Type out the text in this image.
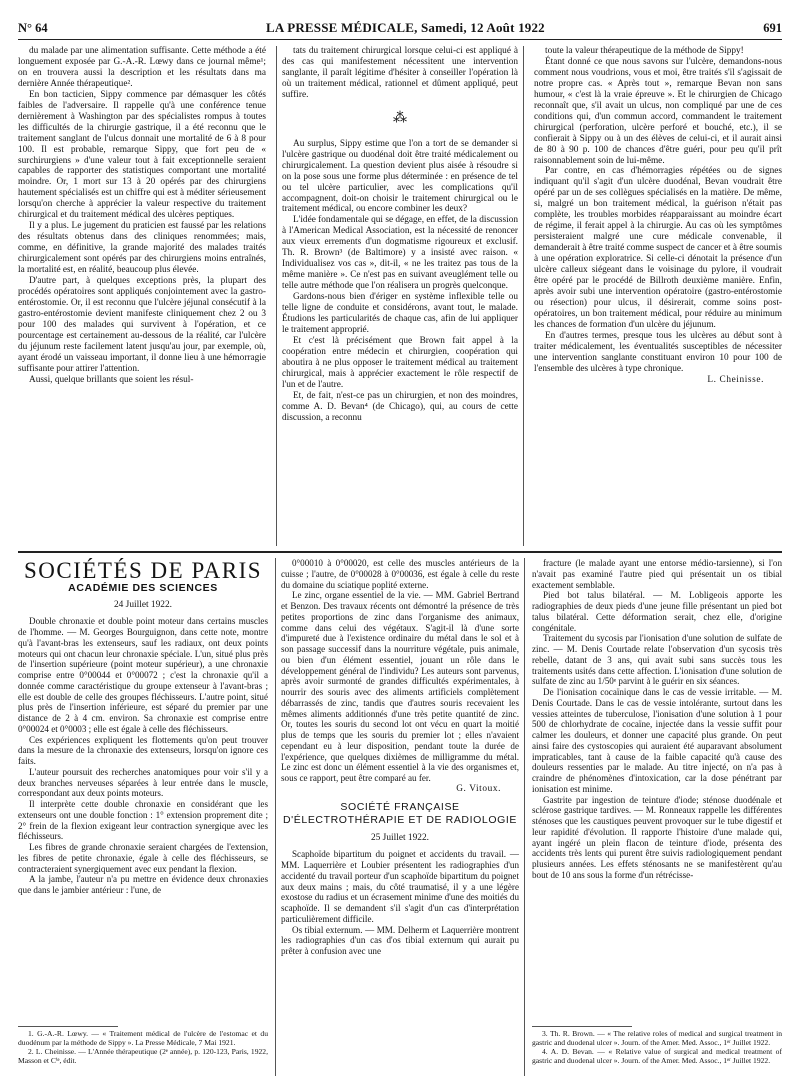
N° 64	LA PRESSE MÉDICALE, Samedi, 12 Août 1922	691

du malade par une alimentation suffisante. Cette méthode a été longuement exposée par G.-A.-R. Lœwy dans ce journal même¹; on en trouvera aussi la description et les résultats dans ma dernière Année thérapeutique².

En bon tacticien, Sippy commence par démasquer les côtés faibles de l'adversaire. Il rappelle qu'à une conférence tenue dernièrement à Washington par des spécialistes rompus à toutes les difficultés de la chirurgie gastrique, il a été reconnu que le traitement sanglant de l'ulcus donnait une mortalité de 6 à 8 pour 100. Il est probable, remarque Sippy, que fort peu de « surchirurgiens » d'une valeur tout à fait exceptionnelle seraient capables de rapporter des statistiques comportant une mortalité moindre. Or, 1 mort sur 13 à 20 opérés par des chirurgiens hautement spécialisés est un chiffre qui est à méditer sérieusement lorsqu'on cherche à apprécier la valeur respective du traitement chirurgical et du traitement médical des ulcères peptiques.

Il y a plus. Le jugement du praticien est faussé par les relations des résultats obtenus dans des cliniques renommées; mais, comme, en définitive, la grande majorité des malades traités chirurgicalement sont opérés par des chirurgiens moins entraînés, la mortalité est, en réalité, beaucoup plus élevée.

D'autre part, à quelques exceptions près, la plupart des procédés opératoires sont appliqués conjointement avec la gastro-entérostomie. Or, il est reconnu que l'ulcère jéjunal consécutif à la gastro-entérostomie devient manifeste cliniquement chez 2 ou 3 pour 100 des malades qui survivent à l'opération, et ce pourcentage est certainement au-dessous de la réalité, car l'ulcère du jéjunum reste facilement latent jusqu'au jour, par exemple, où, ayant érodé un vaisseau important, il donne lieu à une hémorragie suffisante pour attirer l'attention.

Aussi, quelque brillants que soient les résul-

tats du traitement chirurgical lorsque celui-ci est appliqué à des cas qui manifestement nécessitent une intervention sanglante, il paraît légitime d'hésiter à conseiller l'opération là où un traitement médical, rationnel et dûment appliqué, peut suffire.

⁂

Au surplus, Sippy estime que l'on a tort de se demander si l'ulcère gastrique ou duodénal doit être traité médicalement ou chirurgicalement. La question devient plus aisée à résoudre si on la pose sous une forme plus déterminée : en présence de tel ou tel ulcère particulier, avec les complications qu'il accompagnent, doit-on choisir le traitement chirurgical ou le traitement médical, ou encore combiner les deux?

L'idée fondamentale qui se dégage, en effet, de la discussion à l'American Medical Association, est la nécessité de renoncer aux vieux errements d'un dogmatisme rigoureux et exclusif. Th. R. Brown³ (de Baltimore) y a insisté avec raison. « Individualisez vos cas », dit-il, « ne les traitez pas tous de la même manière ». Ce n'est pas en suivant aveuglément telle ou telle autre méthode que l'on réalisera un progrès quelconque.

Gardons-nous bien d'ériger en système inflexible telle ou telle ligne de conduite et considérons, avant tout, le malade. Étudions les particularités de chaque cas, afin de lui appliquer le traitement approprié.

Et c'est là précisément que Brown fait appel à la coopération entre médecin et chirurgien, coopération qui aboutira à ne plus opposer le traitement médical au traitement chirurgical, mais à apprécier exactement le rôle respectif de l'un et de l'autre.

Et, de fait, n'est-ce pas un chirurgien, et non des moindres, comme A. D. Bevan⁴ (de Chicago), qui, au cours de cette discussion, a reconnu

toute la valeur thérapeutique de la méthode de Sippy!

Étant donné ce que nous savons sur l'ulcère, demandons-nous comment nous voudrions, vous et moi, être traités s'il s'agissait de notre propre cas. « Après tout », remarque Bevan non sans humour, « c'est là la vraie épreuve ». Et le chirurgien de Chicago reconnaît que, s'il avait un ulcus, non compliqué par une de ces conditions qui, d'un commun accord, commandent le traitement chirurgical (perforation, ulcère perforé et bouché, etc.), il se confierait à Sippy ou à un des élèves de celui-ci, et il aurait ainsi de 80 à 90 p. 100 de chances d'être guéri, pour peu qu'il prît raisonnablement soin de lui-même.

Par contre, en cas d'hémorragies répétées ou de signes indiquant qu'il s'agit d'un ulcère duodénal, Bevan voudrait être opéré par un de ses collègues spécialisés en la matière. De même, si, malgré un bon traitement médical, la guérison n'était pas complète, les troubles morbides réapparaissant au moindre écart de régime, il ferait appel à la chirurgie. Au cas où les symptômes persisteraient malgré une cure médicale convenable, il demanderait à être traité comme suspect de cancer et à être soumis à une opération exploratrice. Si celle-ci dénotait la présence d'un ulcère calleux siégeant dans le voisinage du pylore, il voudrait être opéré par le procédé de Billroth deuxième manière. Enfin, après avoir subi une intervention opératoire (gastro-entérostomie ou résection) pour ulcus, il désirerait, comme soins post-opératoires, un bon traitement médical, pour réduire au minimum les chances de formation d'un ulcère du jéjunum.

En d'autres termes, presque tous les ulcères au début sont à traiter médicalement, les éventualités susceptibles de nécessiter une intervention sanglante constituant environ 10 pour 100 de l'ensemble des ulcères à type chronique.

L. Cheinisse.
SOCIÉTÉS DE PARIS
ACADÉMIE DES SCIENCES
24 Juillet 1922.

Double chronaxie et double point moteur dans certains muscles de l'homme. — M. Georges Bourguignon, dans cette note, montre qu'à l'avant-bras les extenseurs, sauf les radiaux, ont deux points moteurs qui ont chacun leur chronaxie spéciale. L'un, situé plus près de l'insertion supérieure (point moteur supérieur), a une chronaxie comprise entre 0°00044 et 0°00072 ; c'est la chronaxie qu'il a donnée comme caractéristique du groupe extenseur à l'avant-bras ; elle est double de celle des groupes fléchisseurs. L'autre point, situé plus près de l'insertion inférieure, est séparé du premier par une distance de 2 à 4 cm. environ. Sa chronaxie est comprise entre 0°00024 et 0°0003 ; elle est égale à celle des fléchisseurs.

Ces expériences expliquent les flottements qu'on peut trouver dans la mesure de la chronaxie des extenseurs, lorsqu'on ignore ces faits.

L'auteur poursuit des recherches anatomiques pour voir s'il y a deux branches nerveuses séparées à leur entrée dans le muscle, correspondant aux deux points moteurs.

Il interprète cette double chronaxie en considérant que les extenseurs ont une double fonction : 1° extension proprement dite ; 2° frein de la flexion exigeant leur contraction synergique avec les fléchisseurs.

Les fibres de grande chronaxie seraient chargées de l'extension, les fibres de petite chronaxie, égale à celle des fléchisseurs, se contracteraient synergiquement avec eux pendant la flexion.

A la jambe, l'auteur n'a pu mettre en évidence deux chronaxies que dans le jambier antérieur : l'une, de

1. G.-A.-R. Lœwy. — « Traitement médical de l'ulcère de l'estomac et du duodénum par la méthode de Sippy ». La Presse Médicale, 7 Mai 1921.

2. L. Cheinisse. — L'Année thérapeutique (2ᵉ année), p. 120-123, Paris, 1922, Masson et Cⁱᵉ, édit.

0°00010 à 0°00020, est celle des muscles antérieurs de la cuisse ; l'autre, de 0°00028 à 0°00036, est égale à celle du reste du domaine du sciatique poplité externe.

Le zinc, organe essentiel de la vie. — MM. Gabriel Bertrand et Benzon. Des travaux récents ont démontré la présence de très petites proportions de zinc dans l'organisme des animaux, comme dans celui des végétaux. S'agit-il là d'une sorte d'impureté due à l'existence ordinaire du métal dans le sol et à son passage successif dans la nourriture végétale, puis animale, ou bien d'un élément essentiel, jouant un rôle dans le développement général de l'individu? Les auteurs sont parvenus, après avoir surmonté de grandes difficultés expérimentales, à nourrir des souris avec des aliments artificiels complètement débarrassés de zinc, tandis que d'autres souris recevaient les mêmes aliments additionnés d'une très petite quantité de zinc. Or, toutes les souris du second lot ont vécu en quart la moitié plus de temps que les souris du premier lot ; elles n'avaient cependant eu à leur disposition, pendant toute la durée de l'expérience, que quelques dixièmes de milligramme du métal. Le zinc est donc un élément essentiel à la vie des organismes et, sous ce rapport, peut être comparé au fer.

G. Vitoux.
SOCIÉTÉ FRANÇAISE D'ÉLECTROTHÉRAPIE ET DE RADIOLOGIE
25 Juillet 1922.

Scaphoïde bipartitum du poignet et accidents du travail. — MM. Laquerrière et Loubier présentent les radiographies d'un accidenté du travail porteur d'un scaphoïde bipartitum du poignet aux deux mains ; mais, du côté traumatisé, il y a une légère exostose du radius et un écrasement minime d'une des moitiés du scaphoïde. Il se demandent s'il s'agit d'un cas d'interprétation particulièrement difficile.

Os tibial externum. — MM. Delherm et Laquerrière montrent les radiographies d'un cas d'os tibial externum qui aurait pu prêter à confusion avec une

fracture (le malade ayant une entorse médio-tarsienne), si l'on n'avait pas examiné l'autre pied qui présentait un os tibial exactement semblable.

Pied bot talus bilatéral. — M. Lobligeois apporte les radiographies de deux pieds d'une jeune fille présentant un pied bot talus bilatéral. Cette déformation serait, chez elle, d'origine congénitale.

Traitement du sycosis par l'ionisation d'une solution de sulfate de zinc. — M. Denis Courtade relate l'observation d'un sycosis très rebelle, datant de 3 ans, qui avait subi sans succès tous les traitements usités dans cette affection. L'ionisation d'une solution de sulfate de zinc au 1/50ᵉ parvint à le guérir en six séances.

De l'ionisation cocaïnique dans le cas de vessie irritable. — M. Denis Courtade. Dans le cas de vessie intolérante, surtout dans les vessies atteintes de tuberculose, l'ionisation d'une solution à 1 pour 500 de chlorhydrate de cocaïne, injectée dans la vessie suffit pour calmer les douleurs, et donner une capacité plus grande. On peut ainsi faire des cystoscopies qui auraient été auparavant absolument impraticables, tant à cause de la faible capacité qu'à cause des douleurs ressenties par le malade. Au titre injecté, on n'a pas à craindre de phénomènes d'intoxication, car la dose pénétrant par ionisation est minime.

Gastrite par ingestion de teinture d'iode; sténose duodénale et sclérose gastrique tardives. — M. Ronneaux rappelle les différentes sténoses que les caustiques peuvent provoquer sur le tube digestif et leur rapidité d'évolution. Il rapporte l'histoire d'une malade qui, ayant ingéré un plein flacon de teinture d'iode, présenta des accidents très lents qui purent être suivis radiologiquement pendant plusieurs années. Les effets sténosants ne se manifestèrent qu'au bout de 10 ans sous la forme d'un rétrécisse-

3. Th. R. Brown. — « The relative roles of medical and surgical treatment in gastric and duodenal ulcer ». Journ. of the Amer. Med. Assoc., 1ᵉʳ Juillet 1922.

4. A. D. Bevan. — « Relative value of surgical and medical treatment of gastric and duodenal ulcer ». Journ. of the Amer. Med. Assoc., 1ᵉʳ Juillet 1922.
